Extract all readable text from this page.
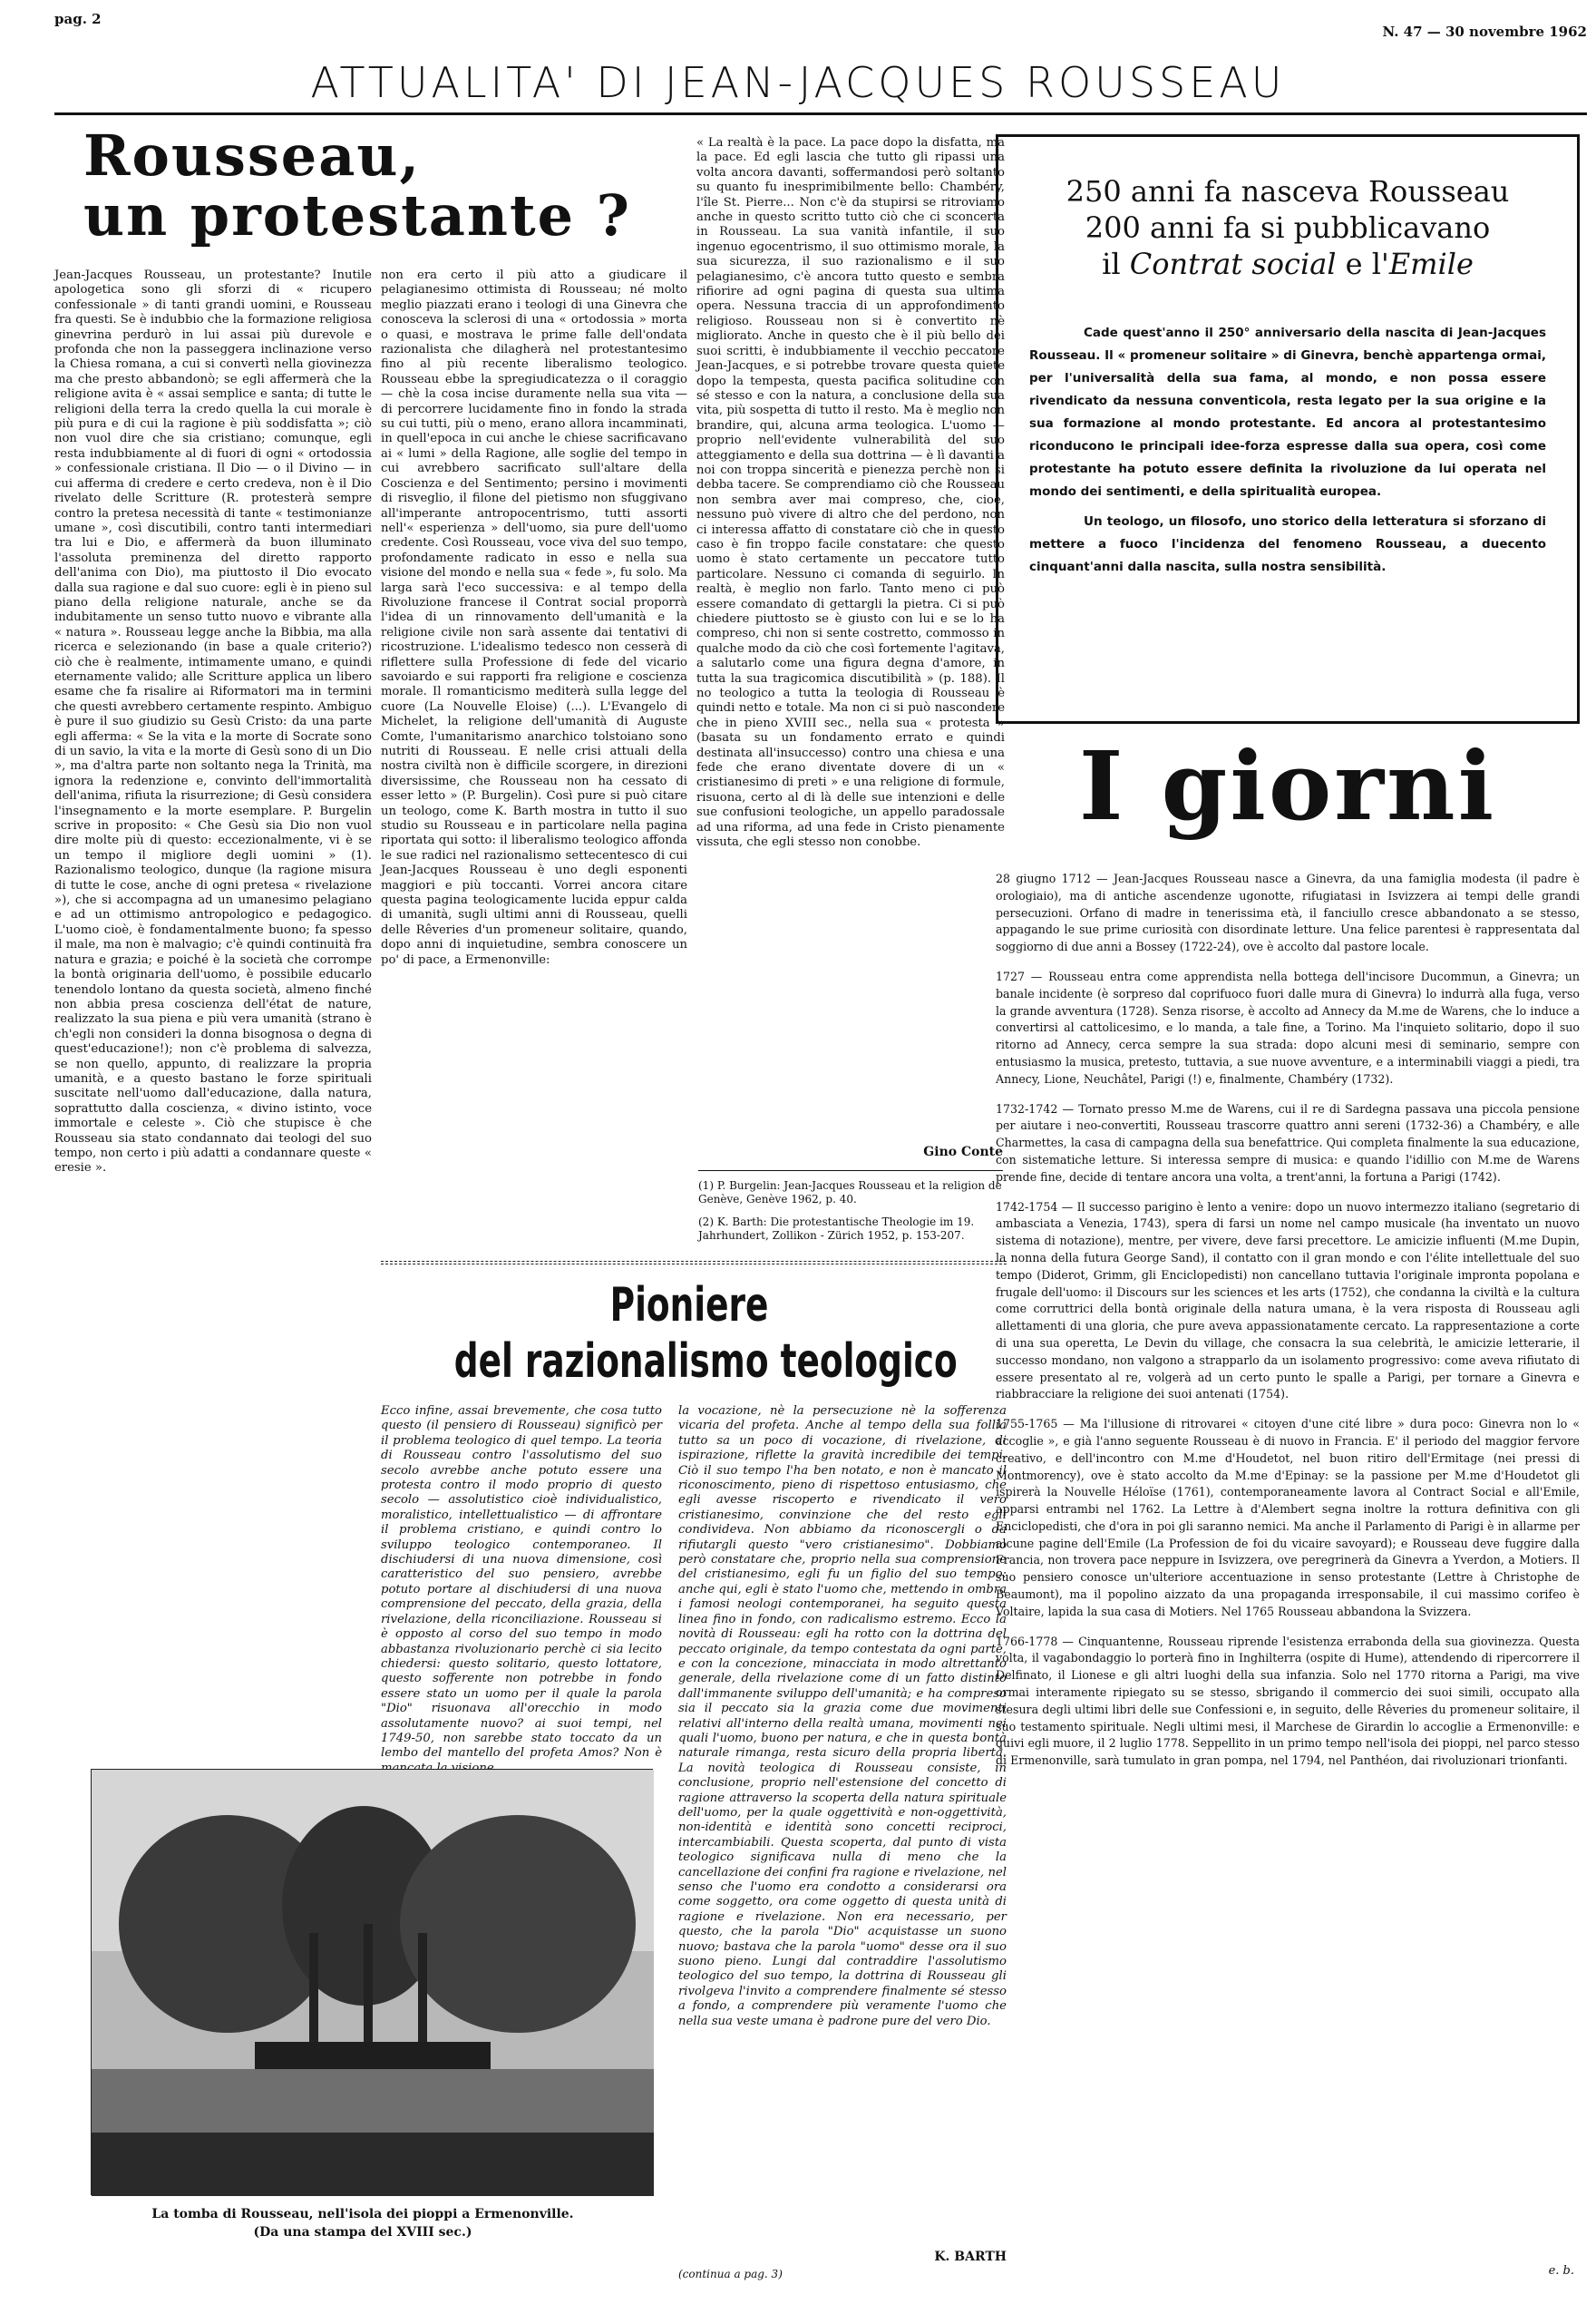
pag. 2
N. 47 — 30 novembre 1962
ATTUALITA' DI JEAN-JACQUES ROUSSEAU
Rousseau,
un protestante ?

Jean-Jacques Rousseau, un protestante? Inutile apologetica sono gli sforzi di « ricupero confessionale » di tanti grandi uomini, e Rousseau fra questi. Se è indubbio che la formazione religiosa ginevrina perdurò in lui assai più durevole e profonda che non la passeggera inclinazione verso la Chiesa romana, a cui si convertì nella giovinezza ma che presto abbandonò; se egli affermerà che la religione avita è « assai semplice e santa; di tutte le religioni della terra la credo quella la cui morale è più pura e di cui la ragione è più soddisfatta »; ciò non vuol dire che sia cristiano; comunque, egli resta indubbiamente al di fuori di ogni « ortodossia » confessionale cristiana. Il Dio — o il Divino — in cui afferma di credere e certo credeva, non è il Dio rivelato delle Scritture (R. protesterà sempre contro la pretesa necessità di tante « testimonianze umane », così discutibili, contro tanti intermediari tra lui e Dio, e affermerà da buon illuminato l'assoluta preminenza del diretto rapporto dell'anima con Dio), ma piuttosto il Dio evocato dalla sua ragione e dal suo cuore: egli è in pieno sul piano della religione naturale, anche se da indubitamente un senso tutto nuovo e vibrante alla « natura ». Rousseau legge anche la Bibbia, ma alla ricerca e selezionando (in base a quale criterio?) ciò che è realmente, intimamente umano, e quindi eternamente valido; alle Scritture applica un libero esame che fa risalire ai Riformatori ma in termini che questi avrebbero certamente respinto. Ambiguo è pure il suo giudizio su Gesù Cristo: da una parte egli afferma: « Se la vita e la morte di Socrate sono di un savio, la vita e la morte di Gesù sono di un Dio », ma d'altra parte non soltanto nega la Trinità, ma ignora la redenzione e, convinto dell'immortalità dell'anima, rifiuta la risurrezione; di Gesù considera l'insegnamento e la morte esemplare. P. Burgelin scrive in proposito: « Che Gesù sia Dio non vuol dire molte più di questo: eccezionalmente, vi è se un tempo il migliore degli uomini » (1). Razionalismo teologico, dunque (la ragione misura di tutte le cose, anche di ogni pretesa « rivelazione »), che si accompagna ad un umanesimo pelagiano e ad un ottimismo antropologico e pedagogico. L'uomo cioè, è fondamentalmente buono; fa spesso il male, ma non è malvagio; c'è quindi continuità fra natura e grazia; e poiché è la società che corrompe la bontà originaria dell'uomo, è possibile educarlo tenendolo lontano da questa società, almeno finché non abbia presa coscienza dell'état de nature, realizzato la sua piena e più vera umanità (strano è ch'egli non consideri la donna bisognosa o degna di quest'educazione!); non c'è problema di salvezza, se non quello, appunto, di realizzare la propria umanità, e a questo bastano le forze spirituali suscitate nell'uomo dall'educazione, dalla natura, soprattutto dalla coscienza, « divino istinto, voce immortale e celeste ». Ciò che stupisce è che Rousseau sia stato condannato dai teologi del suo tempo, non certo i più adatti a condannare queste « eresie ».

non era certo il più atto a giudicare il pelagianesimo ottimista di Rousseau; né molto meglio piazzati erano i teologi di una Ginevra che conosceva la sclerosi di una « ortodossia » morta o quasi, e mostrava le prime falle dell'ondata razionalista che dilagherà nel protestantesimo fino al più recente liberalismo teologico. Rousseau ebbe la spregiudicatezza o il coraggio — chè la cosa incise duramente nella sua vita — di percorrere lucidamente fino in fondo la strada su cui tutti, più o meno, erano allora incamminati, in quell'epoca in cui anche le chiese sacrificavano ai « lumi » della Ragione, alle soglie del tempo in cui avrebbero sacrificato sull'altare della Coscienza e del Sentimento; persino i movimenti di risveglio, il filone del pietismo non sfuggivano all'imperante antropocentrismo, tutti assorti nell'« esperienza » dell'uomo, sia pure dell'uomo credente. Così Rousseau, voce viva del suo tempo, profondamente radicato in esso e nella sua visione del mondo e nella sua « fede », fu solo. Ma larga sarà l'eco successiva: e al tempo della Rivoluzione francese il Contrat social proporrà l'idea di un rinnovamento dell'umanità e la religione civile non sarà assente dai tentativi di ricostruzione. L'idealismo tedesco non cesserà di riflettere sulla Professione di fede del vicario savoiardo e sui rapporti fra religione e coscienza morale. Il romanticismo mediterà sulla legge del cuore (La Nouvelle Eloise) (...). L'Evangelo di Michelet, la religione dell'umanità di Auguste Comte, l'umanitarismo anarchico tolstoiano sono nutriti di Rousseau. E nelle crisi attuali della nostra civiltà non è difficile scorgere, in direzioni diversissime, che Rousseau non ha cessato di esser letto » (P. Burgelin). Così pure si può citare un teologo, come K. Barth mostra in tutto il suo studio su Rousseau e in particolare nella pagina riportata qui sotto: il liberalismo teologico affonda le sue radici nel razionalismo settecentesco di cui Jean-Jacques Rousseau è uno degli esponenti maggiori e più toccanti. Vorrei ancora citare questa pagina teologicamente lucida eppur calda di umanità, sugli ultimi anni di Rousseau, quelli delle Rêveries d'un promeneur solitaire, quando, dopo anni di inquietudine, sembra conoscere un po' di pace, a Ermenonville:

« La realtà è la pace. La pace dopo la disfatta, ma la pace. Ed egli lascia che tutto gli ripassi una volta ancora davanti, soffermandosi però soltanto su quanto fu inesprimibilmente bello: Chambéry, l'île St. Pierre... Non c'è da stupirsi se ritroviamo anche in questo scritto tutto ciò che ci sconcerta in Rousseau. La sua vanità infantile, il suo ingenuo egocentrismo, il suo ottimismo morale, la sua sicurezza, il suo razionalismo e il suo pelagianesimo, c'è ancora tutto questo e sembra rifiorire ad ogni pagina di questa sua ultima opera. Nessuna traccia di un approfondimento religioso. Rousseau non si è convertito nè migliorato. Anche in questo che è il più bello dei suoi scritti, è indubbiamente il vecchio peccatore Jean-Jacques, e si potrebbe trovare questa quiete dopo la tempesta, questa pacifica solitudine con sé stesso e con la natura, a conclusione della sua vita, più sospetta di tutto il resto. Ma è meglio non brandire, qui, alcuna arma teologica. L'uomo — proprio nell'evidente vulnerabilità del suo atteggiamento e della sua dottrina — è lì davanti a noi con troppa sincerità e pienezza perchè non si debba tacere. Se comprendiamo ciò che Rousseau non sembra aver mai compreso, che, cioè, nessuno può vivere di altro che del perdono, non ci interessa affatto di constatare ciò che in questo caso è fin troppo facile constatare: che questo uomo è stato certamente un peccatore tutto particolare. Nessuno ci comanda di seguirlo. In realtà, è meglio non farlo. Tanto meno ci può essere comandato di gettargli la pietra. Ci si può chiedere piuttosto se è giusto con lui e se lo ha compreso, chi non si sente costretto, commosso in qualche modo da ciò che così fortemente l'agitava, a salutarlo come una figura degna d'amore, in tutta la sua tragicomica discutibilità » (p. 188). Il no teologico a tutta la teologia di Rousseau è quindi netto e totale. Ma non ci si può nascondere che in pieno XVIII sec., nella sua « protesta » (basata su un fondamento errato e quindi destinata all'insuccesso) contro una chiesa e una fede che erano diventate dovere di un « cristianesimo di preti » e una religione di formule, risuona, certo al di là delle sue intenzioni e delle sue confusioni teologiche, un appello paradossale ad una riforma, ad una fede in Cristo pienamente vissuta, che egli stesso non conobbe.

Gino Conte
(1) P. Burgelin: Jean-Jacques Rousseau et la religion de Genève, Genève 1962, p. 40.
(2) K. Barth: Die protestantische Theologie im 19. Jahrhundert, Zollikon - Zürich 1952, p. 153-207.
Pioniere
del razionalismo teologico

Ecco infine, assai brevemente, che cosa tutto questo (il pensiero di Rousseau) significò per il problema teologico di quel tempo. La teoria di Rousseau contro l'assolutismo del suo secolo avrebbe anche potuto essere una protesta contro il modo proprio di questo secolo — assolutistico cioè individualistico, moralistico, intellettualistico — di affrontare il problema cristiano, e quindi contro lo sviluppo teologico contemporaneo. Il dischiudersi di una nuova dimensione, così caratteristico del suo pensiero, avrebbe potuto portare al dischiudersi di una nuova comprensione del peccato, della grazia, della rivelazione, della riconciliazione. Rousseau si è opposto al corso del suo tempo in modo abbastanza rivoluzionario perchè ci sia lecito chiedersi: questo solitario, questo lottatore, questo sofferente non potrebbe in fondo essere stato un uomo per il quale la parola "Dio" risuonava all'orecchio in modo assolutamente nuovo? ai suoi tempi, nel 1749-50, non sarebbe stato toccato da un lembo del mantello del profeta Amos? Non è

la vocazione, nè la persecuzione nè la sofferenza vicaria del profeta. Anche al tempo della sua follia tutto sa un poco di vocazione, di rivelazione, di ispirazione, riflette la gravità incredibile dei tempi. Ciò il suo tempo l'ha ben notato, e non è mancato il riconoscimento, pieno di rispettoso entusiasmo, che egli avesse riscoperto e rivendicato il vero cristianesimo, convinzione che del resto egli condivideva. Non abbiamo da riconoscergli o da rifiutargli questo "vero cristianesimo". Dobbiamo però constatare che, proprio nella sua comprensione del cristianesimo, egli fu un figlio del suo tempo: anche qui, egli è stato l'uomo che, mettendo in ombra i famosi neologi contemporanei, ha seguito questa linea fino in fondo, con radicalismo estremo. Ecco la novità di Rousseau: egli ha rotto con la dottrina del peccato originale, da tempo contestata da ogni parte, e con la concezione, minacciata in modo altrettanto generale, della rivelazione come di un fatto distinto dall'immanente sviluppo dell'umanità; e ha compreso sia il peccato sia la grazia come due movimenti relativi all'interno della realtà umana, movimenti nei quali l'uomo, buono per natura, e che in questa bontà naturale rimanga, resta sicuro della propria libertà. La novità teologica di Rousseau consiste, in conclusione, proprio nell'estensione del concetto di ragione attraverso la scoperta della natura spirituale dell'uomo, per la quale oggettività e non-oggettività, non-identità e identità sono concetti reciproci, intercambiabili. Questa scoperta, dal punto di vista teologico significava nulla di meno che la cancellazione dei confini fra ragione e rivelazione, nel senso che l'uomo era condotto a considerarsi ora come soggetto, ora come oggetto di questa unità di ragione e rivelazione. Non era necessario, per questo, che la parola "Dio" acquistasse un suono nuovo; bastava che la parola "uomo" desse ora il suo suono pieno. Lungi dal contraddire l'assolutismo teologico del suo tempo, la dottrina di Rousseau gli rivolgeva l'invito a comprendere finalmente sé stesso a fondo, a comprendere più veramente l'uomo che nella sua veste umana è padrone pure del vero Dio.

K. BARTH
(continua a pag. 3)
La tomba di Rousseau, nell'isola dei pioppi a Ermenonville.
(Da una stampa del XVIII sec.)
250 anni fa nasceva Rousseau
200 anni fa si pubblicavano
il Contrat social e l'Emile
Cade quest'anno il 250° anniversario della nascita di Jean-Jacques Rousseau. Il « promeneur solitaire » di Ginevra, benchè appartenga ormai, per l'universalità della sua fama, al mondo, e non possa essere rivendicato da nessuna conventicola, resta legato per la sua origine e la sua formazione al mondo protestante. Ed ancora al protestantesimo riconducono le principali idee-forza espresse dalla sua opera, così come protestante ha potuto essere definita la rivoluzione da lui operata nel mondo dei sentimenti, e della spiritualità europea.
Un teologo, un filosofo, uno storico della letteratura si sforzano di mettere a fuoco l'incidenza del fenomeno Rousseau, a duecento cinquant'anni dalla nascita, sulla nostra sensibilità.
I giorni

28 giugno 1712 — Jean-Jacques Rousseau nasce a Ginevra, da una famiglia modesta (il padre è orologiaio), ma di antiche ascendenze ugonotte, rifugiatasi in Isvizzera ai tempi delle grandi persecuzioni. Orfano di madre in tenerissima età, il fanciullo cresce abbandonato a se stesso, appagando le sue prime curiosità con disordinate letture. Una felice parentesi è rappresentata dal soggiorno di due anni a Bossey (1722-24), ove è accolto dal pastore locale.

1727 — Rousseau entra come apprendista nella bottega dell'incisore Ducommun, a Ginevra; un banale incidente (è sorpreso dal coprifuoco fuori dalle mura di Ginevra) lo indurrà alla fuga, verso la grande avventura (1728). Senza risorse, è accolto ad Annecy da M.me de Warens, che lo induce a convertirsi al cattolicesimo, e lo manda, a tale fine, a Torino. Ma l'inquieto solitario, dopo il suo ritorno ad Annecy, cerca sempre la sua strada: dopo alcuni mesi di seminario, sempre con entusiasmo la musica, pretesto, tuttavia, a sue nuove avventure, e a interminabili viaggi a piedi, tra Annecy, Lione, Neuchâtel, Parigi (!) e, finalmente, Chambéry (1732).

1732-1742 — Tornato presso M.me de Warens, cui il re di Sardegna passava una piccola pensione per aiutare i neo-convertiti, Rousseau trascorre quattro anni sereni (1732-36) a Chambéry, e alle Charmettes, la casa di campagna della sua benefattrice. Qui completa finalmente la sua educazione, con sistematiche letture. Si interessa sempre di musica: e quando l'idillio con M.me de Warens prende fine, decide di tentare ancora una volta, a trent'anni, la fortuna a Parigi (1742).

1742-1754 — Il successo parigino è lento a venire: dopo un nuovo intermezzo italiano (segretario di ambasciata a Venezia, 1743), spera di farsi un nome nel campo musicale (ha inventato un nuovo sistema di notazione), mentre, per vivere, deve farsi precettore. Le amicizie influenti (M.me Dupin, la nonna della futura George Sand), il contatto con il gran mondo e con l'élite intellettuale del suo tempo (Diderot, Grimm, gli Enciclopedisti) non cancellano tuttavia l'originale impronta popolana e frugale dell'uomo: il Discours sur les sciences et les arts (1752), che condanna la civiltà e la cultura come corruttrici della bontà originale della natura umana, è la vera risposta di Rousseau agli allettamenti di una gloria, che pure aveva appassionatamente cercato. La rappresentazione a corte di una sua operetta, Le Devin du village, che consacra la sua celebrità, le amicizie letterarie, il successo mondano, non valgono a strapparlo da un isolamento progressivo: come aveva rifiutato di essere presentato al re, volgerà ad un certo punto le spalle a Parigi, per tornare a Ginevra e riabbracciare la religione dei suoi antenati (1754).

1755-1765 — Ma l'illusione di ritrovarei « citoyen d'une cité libre » dura poco: Ginevra non lo « accoglie », e già l'anno seguente Rousseau è di nuovo in Francia. E' il periodo del maggior fervore creativo, e dell'incontro con M.me d'Houdetot, nel buon ritiro dell'Ermitage (nei pressi di Montmorency), ove è stato accolto da M.me d'Epinay: se la passione per M.me d'Houdetot gli ispirerà la Nouvelle Héloïse (1761), contemporaneamente lavora al Contract Social e all'Emile, apparsi entrambi nel 1762. La Lettre à d'Alembert segna inoltre la rottura definitiva con gli Enciclopedisti, che d'ora in poi gli saranno nemici. Ma anche il Parlamento di Parigi è in allarme per alcune pagine dell'Emile (La Profession de foi du vicaire savoyard); e Rousseau deve fuggire dalla Francia, non trovera pace neppure in Isvizzera, ove peregrinerà da Ginevra a Yverdon, a Motiers. Il suo pensiero conosce un'ulteriore accentuazione in senso protestante (Lettre à Christophe de Beaumont), ma il popolino aizzato da una propaganda irresponsabile, il cui massimo corifeo è Voltaire, lapida la sua casa di Motiers. Nel 1765 Rousseau abbandona la Svizzera.

1766-1778 — Cinquantenne, Rousseau riprende l'esistenza errabonda della sua giovinezza. Questa volta, il vagabondaggio lo porterà fino in Inghilterra (ospite di Hume), attendendo di ripercorrere il Delfinato, il Lionese e gli altri luoghi della sua infanzia. Solo nel 1770 ritorna a Parigi, ma vive ormai interamente ripiegato su se stesso, sbrigando il commercio dei suoi simili, occupato alla stesura degli ultimi libri delle sue Confessioni e, in seguito, delle Rêveries du promeneur solitaire, il suo testamento spirituale. Negli ultimi mesi, il Marchese de Girardin lo accoglie a Ermenonville: e quivi egli muore, il 2 luglio 1778. Seppellito in un primo tempo nell'isola dei pioppi, nel parco stesso di Ermenonville, sarà tumulato in gran pompa, nel 1794, nel Panthéon, dai rivoluzionari trionfanti.

e. b.
